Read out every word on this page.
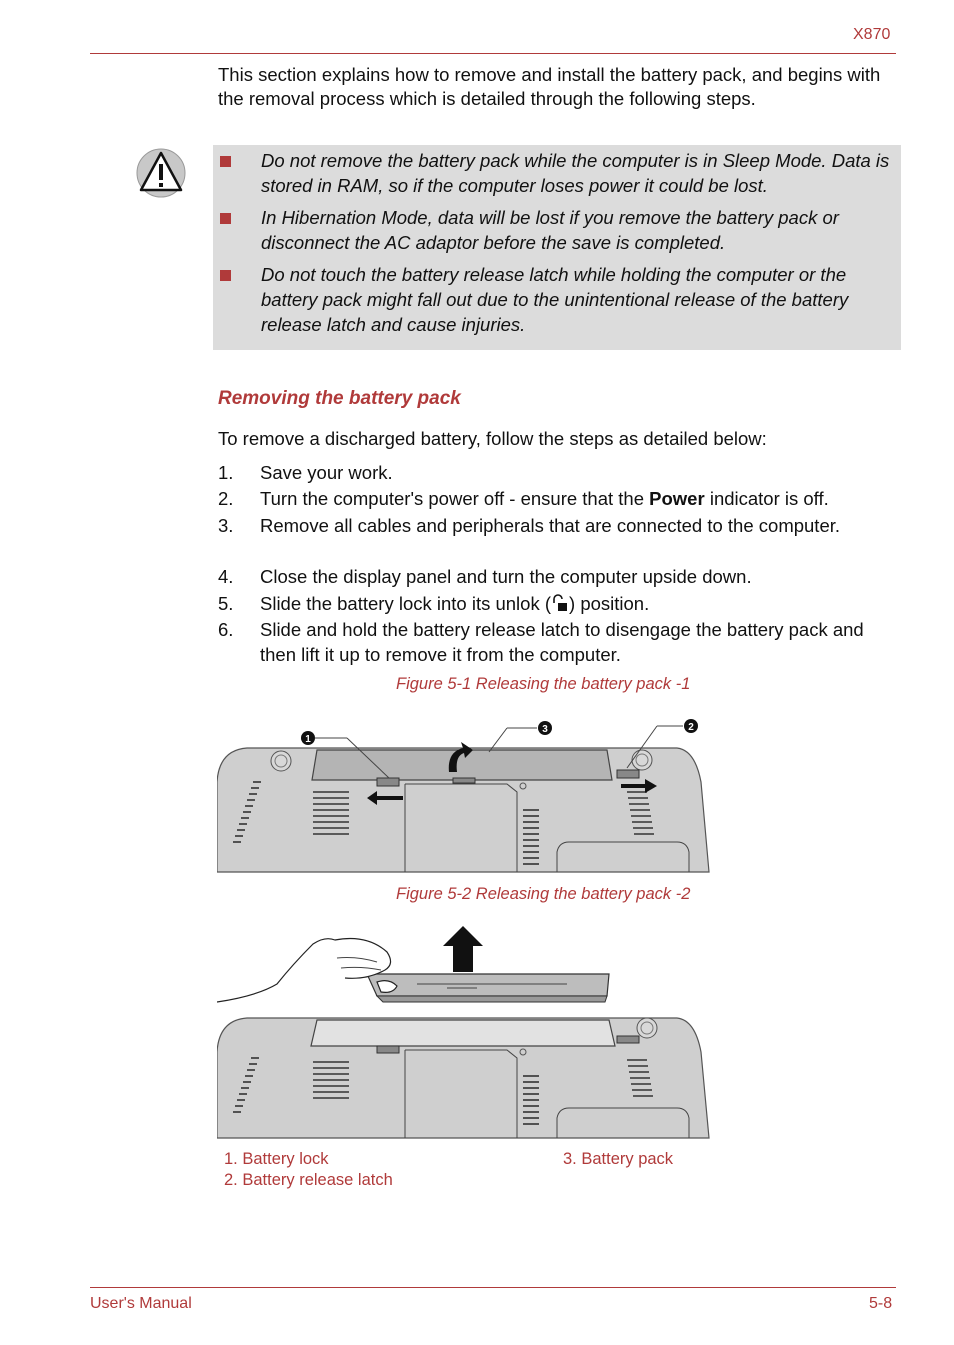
X870
This section explains how to remove and install the battery pack, and begins with the removal process which is detailed through the following steps.
Do not remove the battery pack while the computer is in Sleep Mode. Data is stored in RAM, so if the computer loses power it could be lost.
In Hibernation Mode, data will be lost if you remove the battery pack or disconnect the AC adaptor before the save is completed.
Do not touch the battery release latch while holding the computer or the battery pack might fall out due to the unintentional release of the battery release latch and cause injuries.
Removing the battery pack
To remove a discharged battery, follow the steps as detailed below:
1. Save your work.
2. Turn the computer's power off - ensure that the Power indicator is off.
3. Remove all cables and peripherals that are connected to the computer.
4. Close the display panel and turn the computer upside down.
5. Slide the battery lock into its unlok ( ) position.
6. Slide and hold the battery release latch to disengage the battery pack and then lift it up to remove it from the computer.
Figure 5-1 Releasing the battery pack -1
1
3	2
Figure 5-2 Releasing the battery pack -2
1. Battery lock
2. Battery release latch
3. Battery pack
User's Manual	5-8
